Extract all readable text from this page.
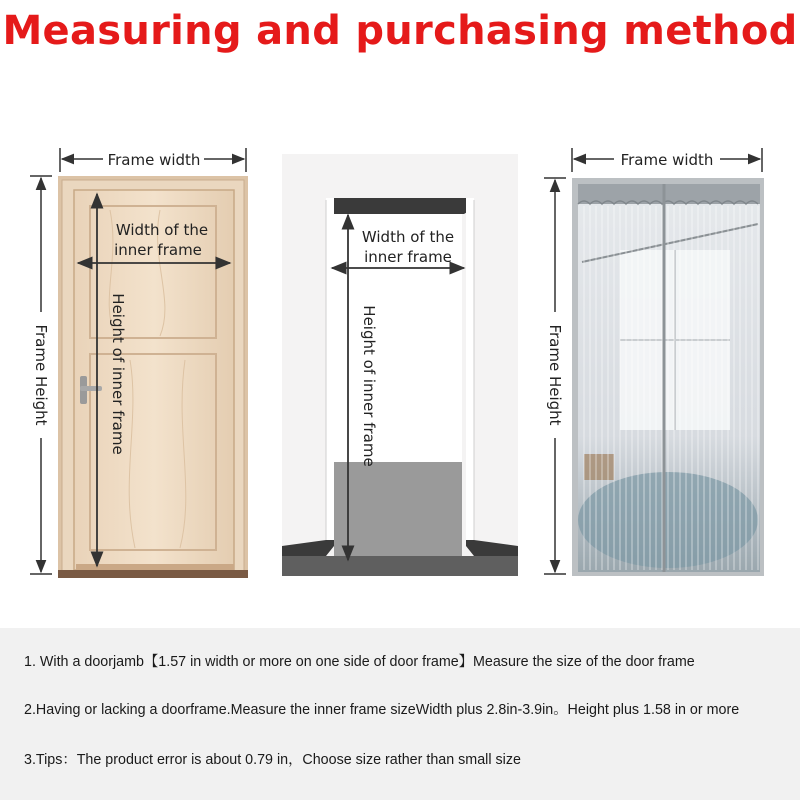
Measuring and purchasing method
Frame width
Frame Height
Width of the
inner frame
Height of inner frame
Width of the
inner frame
Height of inner frame
Frame width
Frame Height
1. With a doorjamb【1.57 in width or more on one side of door frame】Measure the size of the door frame
2.Having or lacking a doorframe.Measure the inner frame sizeWidth plus 2.8in-3.9in。Height plus 1.58 in or more
3.Tips：The product error is about 0.79 in，Choose size rather than small size
